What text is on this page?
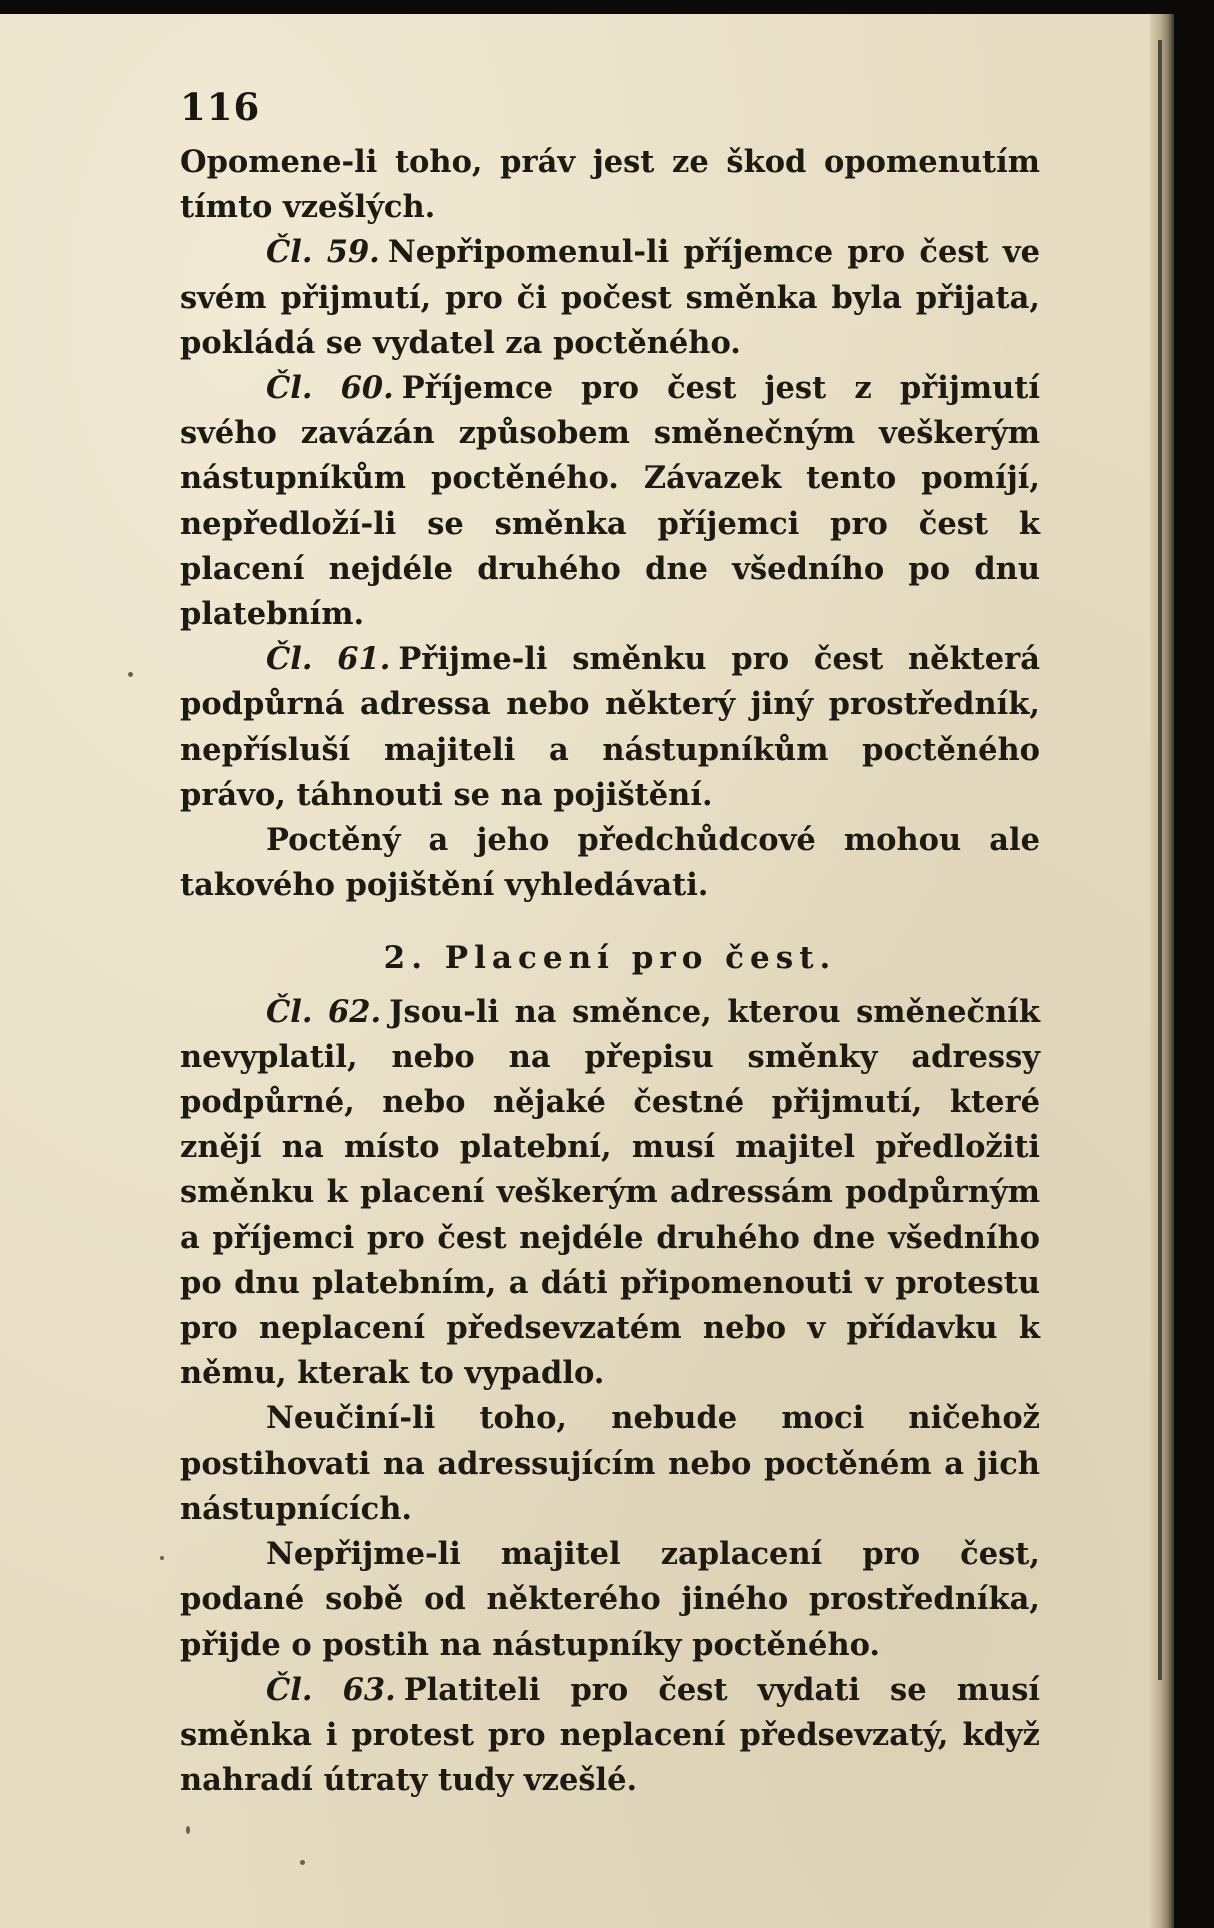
116

Opomene-li toho, práv jest ze škod opomenutím tímto vzešlých.

Čl. 59. Nepřipomenul-li příjemce pro čest ve svém přijmutí, pro či počest směnka byla přijata, pokládá se vydatel za poctěného.

Čl. 60. Příjemce pro čest jest z přijmutí svého zavázán způsobem směnečným veškerým nástupníkům poctěného. Závazek tento pomíjí, nepředloží-li se směnka příjemci pro čest k placení nejdéle druhého dne všedního po dnu platebním.

Čl. 61. Přijme-li směnku pro čest některá podpůrná adressa nebo některý jiný prostředník, nepřísluší majiteli a nástupníkům poctěného právo, táhnouti se na pojištění.

Poctěný a jeho předchůdcové mohou ale takového pojištění vyhledávati.

2. Placení pro čest.

Čl. 62. Jsou-li na směnce, kterou směnečník nevyplatil, nebo na přepisu směnky adressy podpůrné, nebo nějaké čestné přijmutí, které znějí na místo platební, musí majitel předložiti směnku k placení veškerým adressám podpůrným a příjemci pro čest nejdéle druhého dne všedního po dnu platebním, a dáti připomenouti v protestu pro neplacení předsevzatém nebo v přídavku k němu, kterak to vypadlo.

Neučiní-li toho, nebude moci ničehož postihovati na adressujícím nebo poctěném a jich nástupnících.

Nepřijme-li majitel zaplacení pro čest, podané sobě od některého jiného prostředníka, přijde o postih na nástupníky poctěného.

Čl. 63. Platiteli pro čest vydati se musí směnka i protest pro neplacení předsevzatý, když nahradí útraty tudy vzešlé.
